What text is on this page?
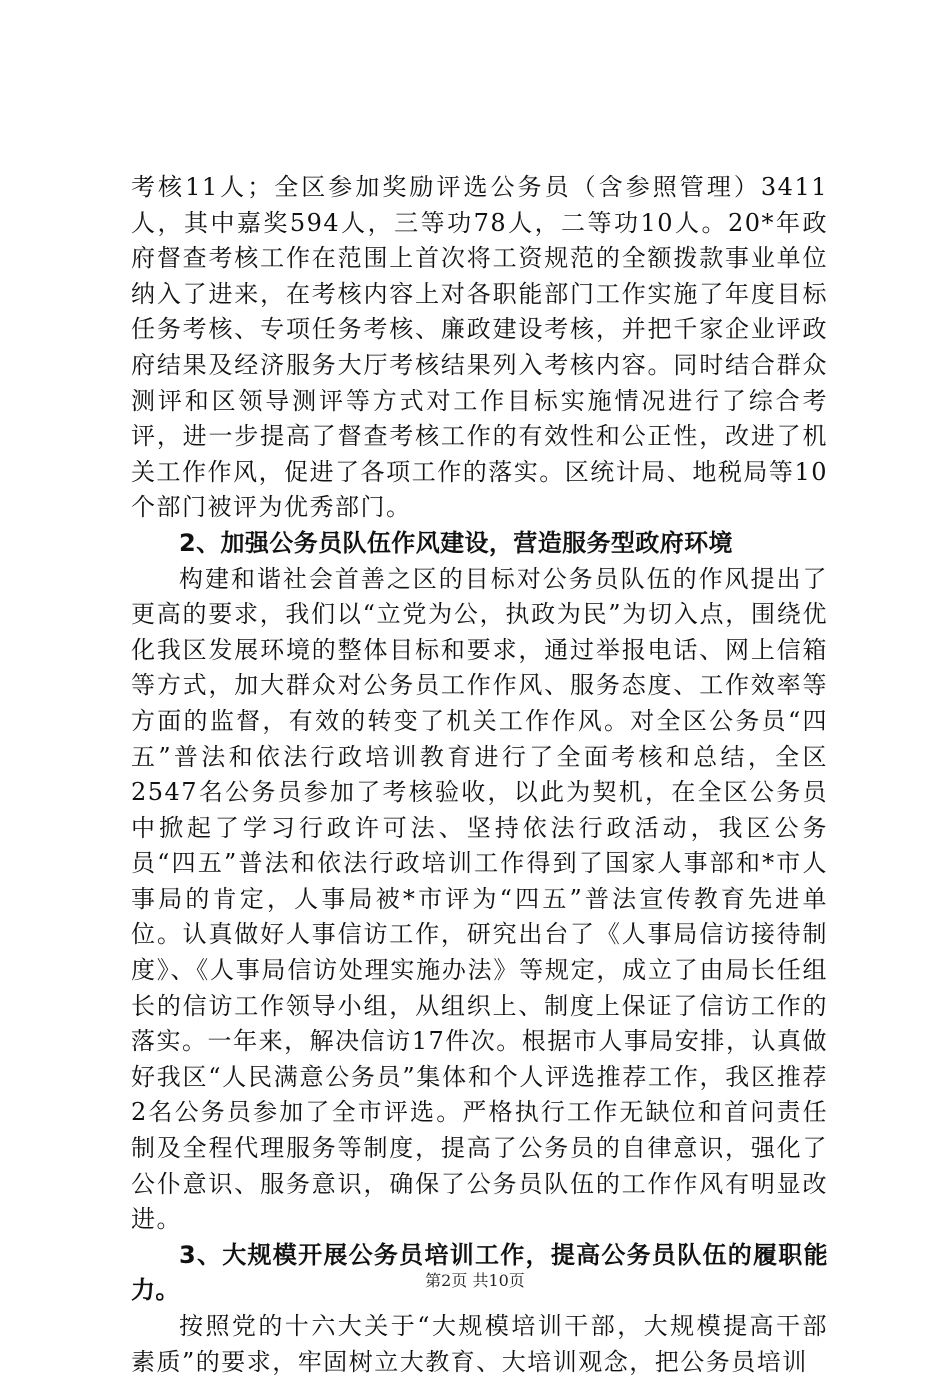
考核11人；全区参加奖励评选公务员（含参照管理）3411人，其中嘉奖594人，三等功78人，二等功10人。20*年政府督查考核工作在范围上首次将工资规范的全额拨款事业单位纳入了进来，在考核内容上对各职能部门工作实施了年度目标任务考核、专项任务考核、廉政建设考核，并把千家企业评政府结果及经济服务大厅考核结果列入考核内容。同时结合群众测评和区领导测评等方式对工作目标实施情况进行了综合考评，进一步提高了督查考核工作的有效性和公正性，改进了机关工作作风，促进了各项工作的落实。区统计局、地税局等10个部门被评为优秀部门。

2、加强公务员队伍作风建设，营造服务型政府环境

构建和谐社会首善之区的目标对公务员队伍的作风提出了更高的要求，我们以“立党为公，执政为民”为切入点，围绕优化我区发展环境的整体目标和要求，通过举报电话、网上信箱等方式，加大群众对公务员工作作风、服务态度、工作效率等方面的监督，有效的转变了机关工作作风。对全区公务员“四五”普法和依法行政培训教育进行了全面考核和总结，全区2547名公务员参加了考核验收，以此为契机，在全区公务员中掀起了学习行政许可法、坚持依法行政活动，我区公务员“四五”普法和依法行政培训工作得到了国家人事部和*市人事局的肯定，人事局被*市评为“四五”普法宣传教育先进单位。认真做好人事信访工作，研究出台了《人事局信访接待制度》、《人事局信访处理实施办法》等规定，成立了由局长任组长的信访工作领导小组，从组织上、制度上保证了信访工作的落实。一年来，解决信访17件次。根据市人事局安排，认真做好我区“人民满意公务员”集体和个人评选推荐工作，我区推荐2名公务员参加了全市评选。严格执行工作无缺位和首问责任制及全程代理服务等制度，提高了公务员的自律意识，强化了公仆意识、服务意识，确保了公务员队伍的工作作风有明显改进。

3、大规模开展公务员培训工作，提高公务员队伍的履职能力。

按照党的十六大关于“大规模培训干部，大规模提高干部素质”的要求，牢固树立大教育、大培训观念，把公务员培训

第2页 共10页
